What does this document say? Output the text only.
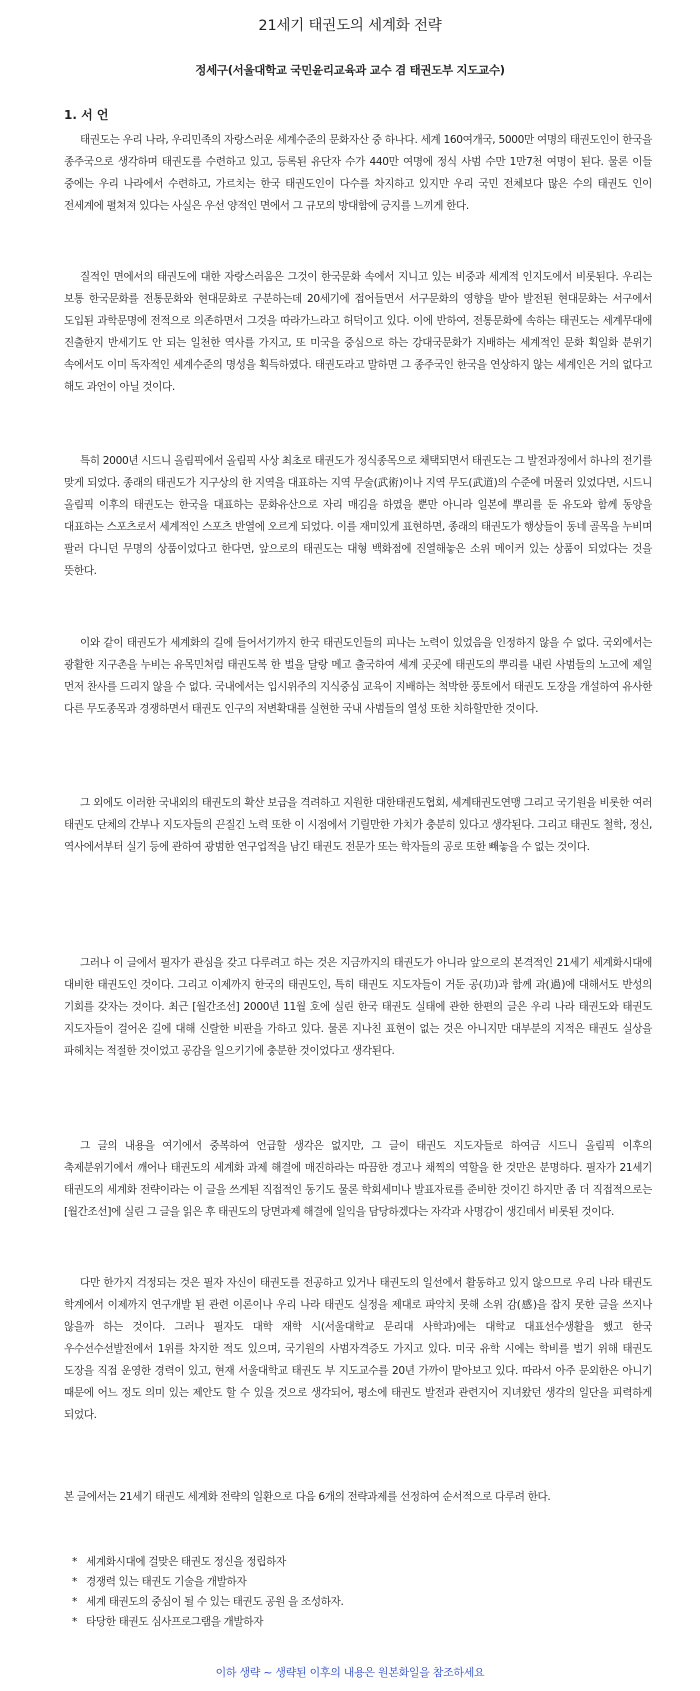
21세기 태권도의 세계화 전략

정세구(서울대학교 국민윤리교육과 교수 겸 태권도부 지도교수)

1. 서 언

태권도는 우리 나라, 우리민족의 자랑스러운 세계수준의 문화자산 중 하나다. 세계 160여개국, 5000만 여명의 태권도인이 한국을 종주국으로 생각하며 태권도를 수련하고 있고, 등록된 유단자 수가 440만 여명에 정식 사범 수만 1만7천 여명이 된다. 물론 이들 중에는 우리 나라에서 수련하고, 가르치는 한국 태권도인이 다수를 차지하고 있지만 우리 국민 전체보다 많은 수의 태권도 인이 전세계에 펼쳐져 있다는 사실은 우선 양적인 면에서 그 규모의 방대함에 긍지를 느끼게 한다.

질적인 면에서의 태권도에 대한 자랑스러움은 그것이 한국문화 속에서 지니고 있는 비중과 세계적 인지도에서 비롯된다. 우리는 보통 한국문화를 전통문화와 현대문화로 구분하는데 20세기에 접어들면서 서구문화의 영향을 받아 발전된 현대문화는 서구에서 도입된 과학문명에 전적으로 의존하면서 그것을 따라가느라고 허덕이고 있다. 이에 반하여, 전통문화에 속하는 태권도는 세계무대에 진출한지 반세기도 안 되는 일천한 역사를 가지고, 또 미국을 중심으로 하는 강대국문화가 지배하는 세계적인 문화 획일화 분위기 속에서도 이미 독자적인 세계수준의 명성을 획득하였다. 태권도라고 말하면 그 종주국인 한국을 연상하지 않는 세계인은 거의 없다고 해도 과언이 아닐 것이다.

특히 2000년 시드니 올림픽에서 올림픽 사상 최초로 태권도가 정식종목으로 채택되면서 태권도는 그 발전과정에서 하나의 전기를 맞게 되었다. 종래의 태권도가 지구상의 한 지역을 대표하는 지역 무술(武術)이나 지역 무도(武道)의 수준에 머물러 있었다면, 시드니 올림픽 이후의 태권도는 한국을 대표하는 문화유산으로 자리 매김을 하였을 뿐만 아니라 일본에 뿌리를 둔 유도와 함께 동양을 대표하는 스포츠로서 세계적인 스포츠 반열에 오르게 되었다. 이를 재미있게 표현하면, 종래의 태권도가 행상들이 동네 골목을 누비며 팔러 다니던 무명의 상품이었다고 한다면, 앞으로의 태권도는 대형 백화점에 진열해놓은 소위 메이커 있는 상품이 되었다는 것을 뜻한다.

이와 같이 태권도가 세계화의 길에 들어서기까지 한국 태권도인들의 피나는 노력이 있었음을 인정하지 않을 수 없다. 국외에서는 광활한 지구촌을 누비는 유목민처럼 태권도복 한 벌을 달랑 메고 출국하여 세계 곳곳에 태권도의 뿌리를 내린 사범들의 노고에 제일 먼저 찬사를 드리지 않을 수 없다. 국내에서는 입시위주의 지식중심 교육이 지배하는 척박한 풍토에서 태권도 도장을 개설하여 유사한 다른 무도종목과 경쟁하면서 태권도 인구의 저변확대를 실현한 국내 사범들의 열성 또한 치하할만한 것이다.

그 외에도 이러한 국내외의 태권도의 확산 보급을 격려하고 지원한 대한태권도협회, 세계태권도연맹 그리고 국기원을 비롯한 여러 태권도 단체의 간부나 지도자들의 끈질긴 노력 또한 이 시점에서 기릴만한 가치가 충분히 있다고 생각된다. 그리고 태권도 철학, 정신, 역사에서부터 실기 등에 관하여 광범한 연구업적을 남긴 태권도 전문가 또는 학자들의 공로 또한 빼놓을 수 없는 것이다.

그러나 이 글에서 필자가 관심을 갖고 다루려고 하는 것은 지금까지의 태권도가 아니라 앞으로의 본격적인 21세기 세계화시대에 대비한 태권도인 것이다. 그리고 이제까지 한국의 태권도인, 특히 태권도 지도자들이 거둔 공(功)과 함께 과(過)에 대해서도 반성의 기회를 갖자는 것이다. 최근 [월간조선] 2000년 11월 호에 실린 한국 태권도 실태에 관한 한편의 글은 우리 나라 태권도와 태권도 지도자들이 걸어온 길에 대해 신랄한 비판을 가하고 있다. 물론 지나친 표현이 없는 것은 아니지만 대부분의 지적은 태권도 실상을 파헤치는 적절한 것이었고 공감을 일으키기에 충분한 것이었다고 생각된다.

그 글의 내용을 여기에서 중복하여 언급할 생각은 없지만, 그 글이 태권도 지도자들로 하여금 시드니 올림픽 이후의 축제분위기에서 깨어나 태권도의 세계화 과제 해결에 매진하라는 따끔한 경고나 채찍의 역할을 한 것만은 분명하다. 필자가 21세기 태권도의 세계화 전략이라는 이 글을 쓰게된 직접적인 동기도 물론 학회세미나 발표자료를 준비한 것이긴 하지만 좀 더 직접적으로는 [월간조선]에 실린 그 글을 읽은 후 태권도의 당면과제 해결에 일익을 담당하겠다는 자각과 사명감이 생긴데서 비롯된 것이다.

다만 한가지 걱정되는 것은 필자 자신이 태권도를 전공하고 있거나 태권도의 일선에서 활동하고 있지 않으므로 우리 나라 태권도 학계에서 이제까지 연구개발 된 관련 이론이나 우리 나라 태권도 실정을 제대로 파악치 못해 소위 감(感)을 잡지 못한 글을 쓰지나 않을까 하는 것이다. 그러나 필자도 대학 재학 시(서울대학교 문리대 사학과)에는 대학교 대표선수생활을 했고 한국 우수선수선발전에서 1위를 차지한 적도 있으며, 국기원의 사범자격증도 가지고 있다. 미국 유학 시에는 학비를 벌기 위해 태권도 도장을 직접 운영한 경력이 있고, 현재 서울대학교 태권도 부 지도교수를 20년 가까이 맡아보고 있다. 따라서 아주 문외한은 아니기 때문에 어느 정도 의미 있는 제안도 할 수 있을 것으로 생각되어, 평소에 태권도 발전과 관련지어 지녀왔던 생각의 일단을 피력하게 되었다.

본 글에서는 21세기 태권도 세계화 전략의 일환으로 다음 6개의 전략과제를 선정하여 순서적으로 다루려 한다.

* 세계화시대에 걸맞은 태권도 정신을 정립하자
* 경쟁력 있는 태권도 기술을 개발하자
* 세계 태권도의 중심이 될 수 있는 태권도 공원 을 조성하자.
* 타당한 태권도 심사프로그램을 개발하자

이하 생략 ~ 생략된 이후의 내용은 원본화일을 참조하세요
